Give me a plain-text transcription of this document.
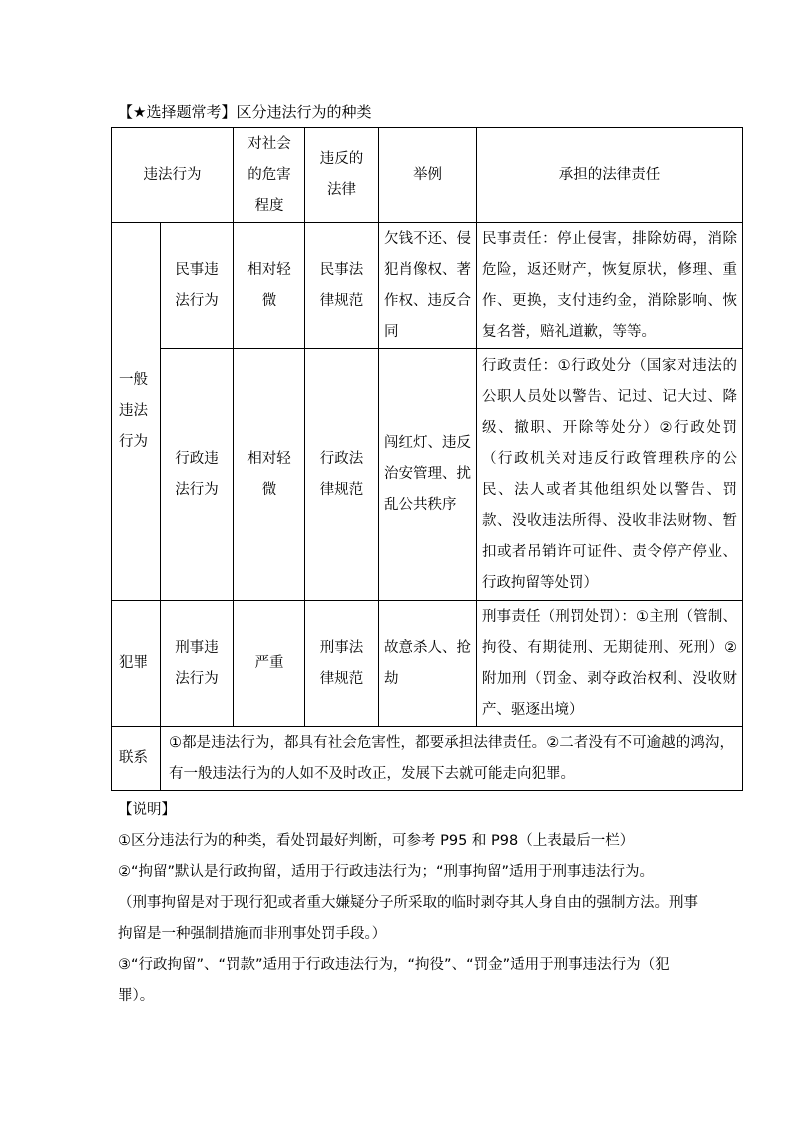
【★选择题常考】区分违法行为的种类
违法行为		对社会的危害程度	违反的法律	举例	承担的法律责任
一般违法行为	民事违法行为	相对轻微	民事法律规范	欠钱不还、侵犯肖像权、著作权、违反合同	民事责任：停止侵害，排除妨碍，消除危险，返还财产，恢复原状，修理、重作、更换，支付违约金，消除影响、恢复名誉，赔礼道歉，等等。
	行政违法行为	相对轻微	行政法律规范	闯红灯、违反治安管理、扰乱公共秩序	行政责任：①行政处分（国家对违法的公职人员处以警告、记过、记大过、降级、撤职、开除等处分）②行政处罚（行政机关对违反行政管理秩序的公民、法人或者其他组织处以警告、罚款、没收违法所得、没收非法财物、暂扣或者吊销许可证件、责令停产停业、行政拘留等处罚）
犯罪	刑事违法行为	严重	刑事法律规范	故意杀人、抢劫	刑事责任（刑罚处罚）：①主刑（管制、拘役、有期徒刑、无期徒刑、死刑）②附加刑（罚金、剥夺政治权利、没收财产、驱逐出境）
联系	①都是违法行为，都具有社会危害性，都要承担法律责任。②二者没有不可逾越的鸿沟，有一般违法行为的人如不及时改正，发展下去就可能走向犯罪。				

【说明】

①区分违法行为的种类，看处罚最好判断，可参考 P95 和 P98（上表最后一栏）

②“拘留”默认是行政拘留，适用于行政违法行为；“刑事拘留”适用于刑事违法行为。

（刑事拘留是对于现行犯或者重大嫌疑分子所采取的临时剥夺其人身自由的强制方法。刑事拘留是一种强制措施而非刑事处罚手段。）

③“行政拘留”、“罚款”适用于行政违法行为，“拘役”、“罚金”适用于刑事违法行为（犯罪）。
